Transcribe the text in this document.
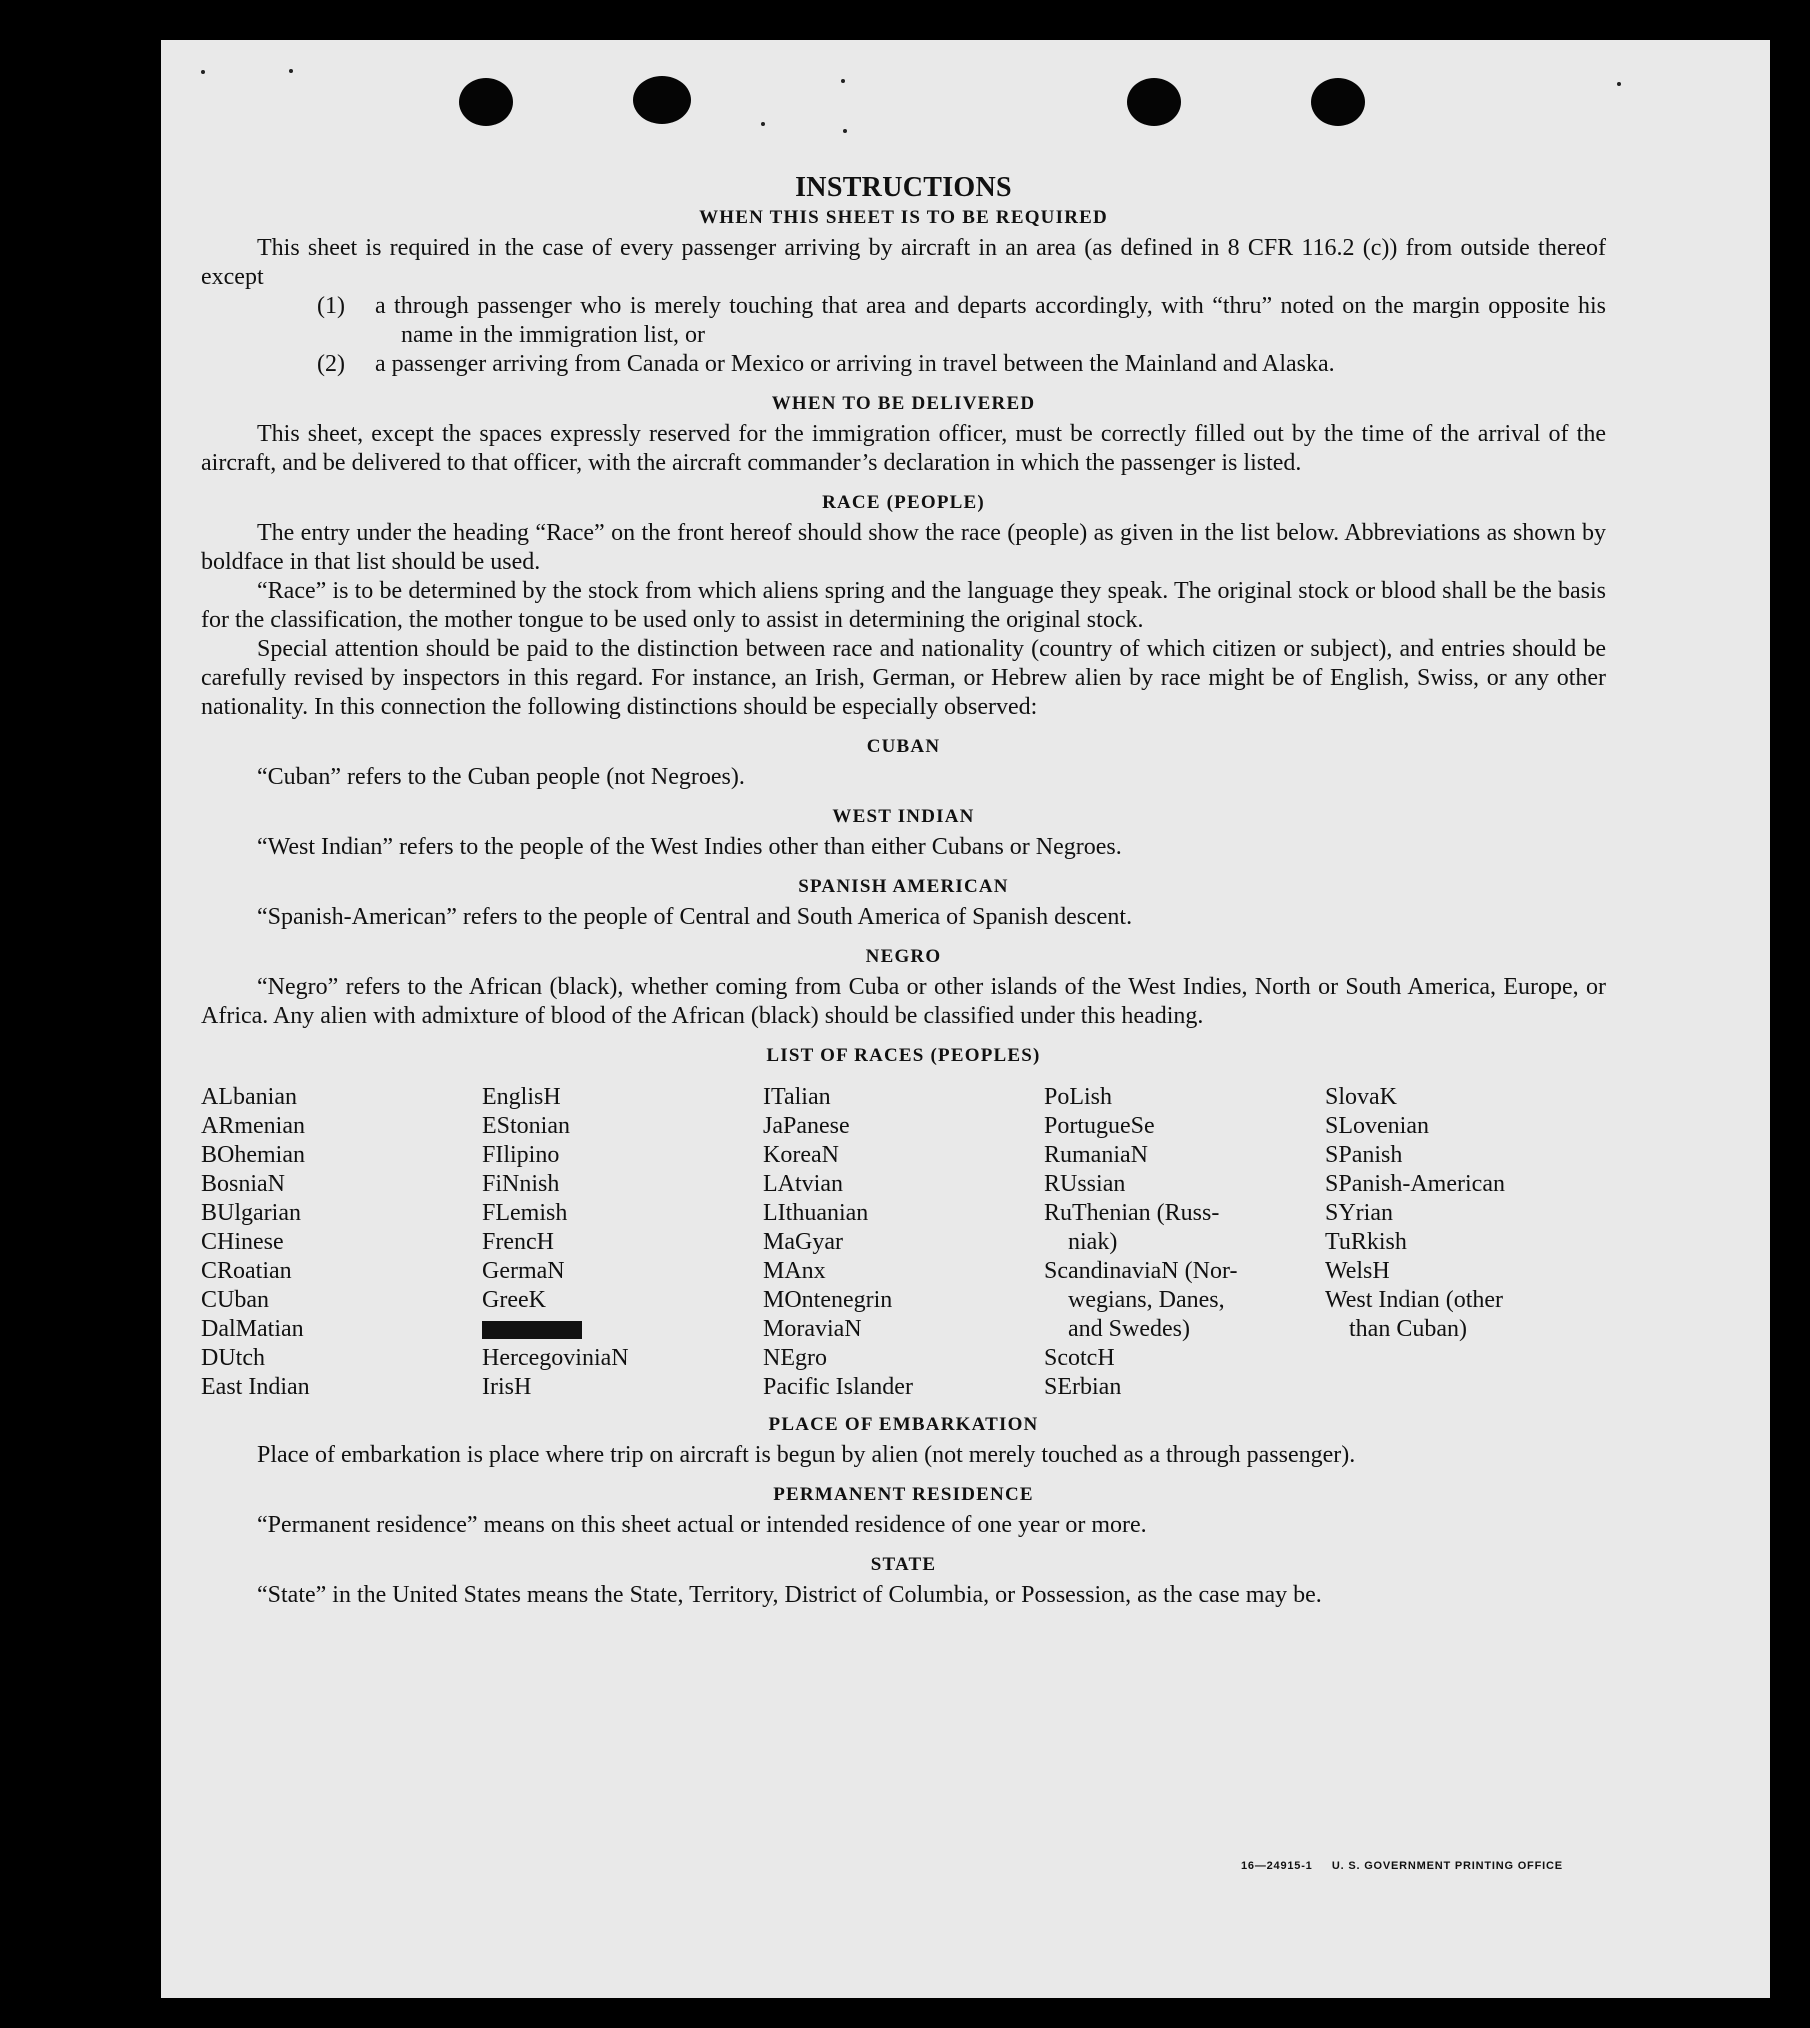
INSTRUCTIONS

WHEN THIS SHEET IS TO BE REQUIRED

This sheet is required in the case of every passenger arriving by aircraft in an area (as defined in 8 CFR 116.2 (c)) from outside thereof except

(1) a through passenger who is merely touching that area and departs accordingly, with “thru” noted on the margin opposite his name in the immigration list, or

(2) a passenger arriving from Canada or Mexico or arriving in travel between the Mainland and Alaska.

WHEN TO BE DELIVERED

This sheet, except the spaces expressly reserved for the immigration officer, must be correctly filled out by the time of the arrival of the aircraft, and be delivered to that officer, with the aircraft commander’s declaration in which the passenger is listed.

RACE (PEOPLE)

The entry under the heading “Race” on the front hereof should show the race (people) as given in the list below. Abbreviations as shown by boldface in that list should be used.

“Race” is to be determined by the stock from which aliens spring and the language they speak. The original stock or blood shall be the basis for the classification, the mother tongue to be used only to assist in determining the original stock.

Special attention should be paid to the distinction between race and nationality (country of which citizen or subject), and entries should be carefully revised by inspectors in this regard. For instance, an Irish, German, or Hebrew alien by race might be of English, Swiss, or any other nationality. In this connection the following distinctions should be especially observed:

CUBAN

“Cuban” refers to the Cuban people (not Negroes).

WEST INDIAN

“West Indian” refers to the people of the West Indies other than either Cubans or Negroes.

SPANISH AMERICAN

“Spanish-American” refers to the people of Central and South America of Spanish descent.

NEGRO

“Negro” refers to the African (black), whether coming from Cuba or other islands of the West Indies, North or South America, Europe, or Africa. Any alien with admixture of blood of the African (black) should be classified under this heading.

LIST OF RACES (PEOPLES)

ALbanian
ARmenian
BOhemian
BosniaN
BUlgarian
CHinese
CRoatian
CUban
DalMatian
DUtch
East Indian
EnglisH
EStonian
FIlipino
FiNnish
FLemish
FrencH
GermaN
GreeK
HercegoviniaN
IrisH
ITalian
JaPanese
KoreaN
LAtvian
LIthuanian
MaGyar
MAnx
MOntenegrin
MoraviaN
NEgro
Pacific Islander
PoLish
PortugueSe
RumaniaN
RUssian
RuThenian (Russ-
niak)
ScandinaviaN (Nor-
wegians, Danes,
and Swedes)
ScotcH
SErbian
SlovaK
SLovenian
SPanish
SPanish-American
SYrian
TuRkish
WelsH
West Indian (other
than Cuban)

PLACE OF EMBARKATION

Place of embarkation is place where trip on aircraft is begun by alien (not merely touched as a through passenger).

PERMANENT RESIDENCE

“Permanent residence” means on this sheet actual or intended residence of one year or more.

STATE

“State” in the United States means the State, Territory, District of Columbia, or Possession, as the case may be.

16—24915-1     U. S. GOVERNMENT PRINTING OFFICE
